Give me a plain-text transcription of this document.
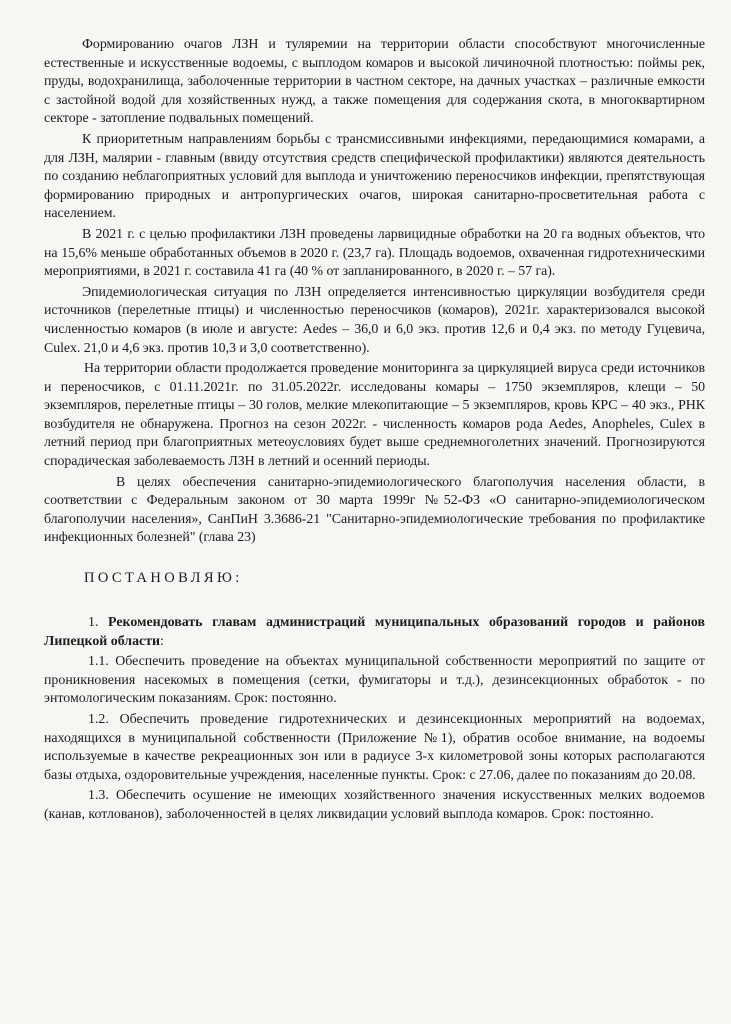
Формированию очагов ЛЗН и туляремии на территории области способствуют многочисленные естественные и искусственные водоемы, с выплодом комаров и высокой личиночной плотностью: поймы рек, пруды, водохранилища, заболоченные территории в частном секторе, на дачных участках – различные емкости с застойной водой для хозяйственных нужд, а также помещения для содержания скота, в многоквартирном секторе - затопление подвальных помещений.

К приоритетным направлениям борьбы с трансмиссивными инфекциями, передающимися комарами, а для ЛЗН, малярии - главным (ввиду отсутствия средств специфической профилактики) являются деятельность по созданию неблагоприятных условий для выплода и уничтожению переносчиков инфекции, препятствующая формированию природных и антропургических очагов, широкая санитарно-просветительная работа с населением.

В 2021 г. с целью профилактики ЛЗН проведены ларвицидные обработки на 20 га водных объектов, что на 15,6% меньше обработанных объемов в 2020 г. (23,7 га). Площадь водоемов, охваченная гидротехническими мероприятиями, в 2021 г. составила 41 га (40 % от запланированного, в 2020 г. – 57 га).

Эпидемиологическая ситуация по ЛЗН определяется интенсивностью циркуляции возбудителя среди источников (перелетные птицы) и численностью переносчиков (комаров), 2021г. характеризовался высокой численностью комаров (в июле и августе: Aedes – 36,0 и 6,0 экз. против 12,6 и 0,4 экз. по методу Гуцевича, Culex. 21,0 и 4,6 экз. против 10,3 и 3,0 соответственно).

На территории области продолжается проведение мониторинга за циркуляцией вируса среди источников и переносчиков, с 01.11.2021г. по 31.05.2022г. исследованы комары – 1750 экземпляров, клещи – 50 экземпляров, перелетные птицы – 30 голов, мелкие млекопитающие – 5 экземпляров, кровь КРС – 40 экз., РНК возбудителя не обнаружена. Прогноз на сезон 2022г. - численность комаров рода Aedes, Anopheles, Culex в летний период при благоприятных метеоусловиях будет выше среднемноголетних значений. Прогнозируются спорадическая заболеваемость ЛЗН в летний и осенний периоды.

В целях обеспечения санитарно-эпидемиологического благополучия населения области, в соответствии с Федеральным законом от 30 марта 1999г №52-ФЗ «О санитарно-эпидемиологическом благополучии населения», СанПиН 3.3686-21 "Санитарно-эпидемиологические требования по профилактике инфекционных болезней" (глава 23)

ПОСТАНОВЛЯЮ:

1. Рекомендовать главам администраций муниципальных образований городов и районов Липецкой области:

1.1. Обеспечить проведение на объектах муниципальной собственности мероприятий по защите от проникновения насекомых в помещения (сетки, фумигаторы и т.д.), дезинсекционных обработок - по энтомологическим показаниям. Срок: постоянно.

1.2. Обеспечить проведение гидротехнических и дезинсекционных мероприятий на водоемах, находящихся в муниципальной собственности (Приложение №1), обратив особое внимание, на водоемы используемые в качестве рекреационных зон или в радиусе 3-х километровой зоны которых располагаются базы отдыха, оздоровительные учреждения, населенные пункты. Срок: с 27.06, далее по показаниям до 20.08.

1.3. Обеспечить осушение не имеющих хозяйственного значения искусственных мелких водоемов (канав, котлованов), заболоченностей в целях ликвидации условий выплода комаров. Срок: постоянно.
